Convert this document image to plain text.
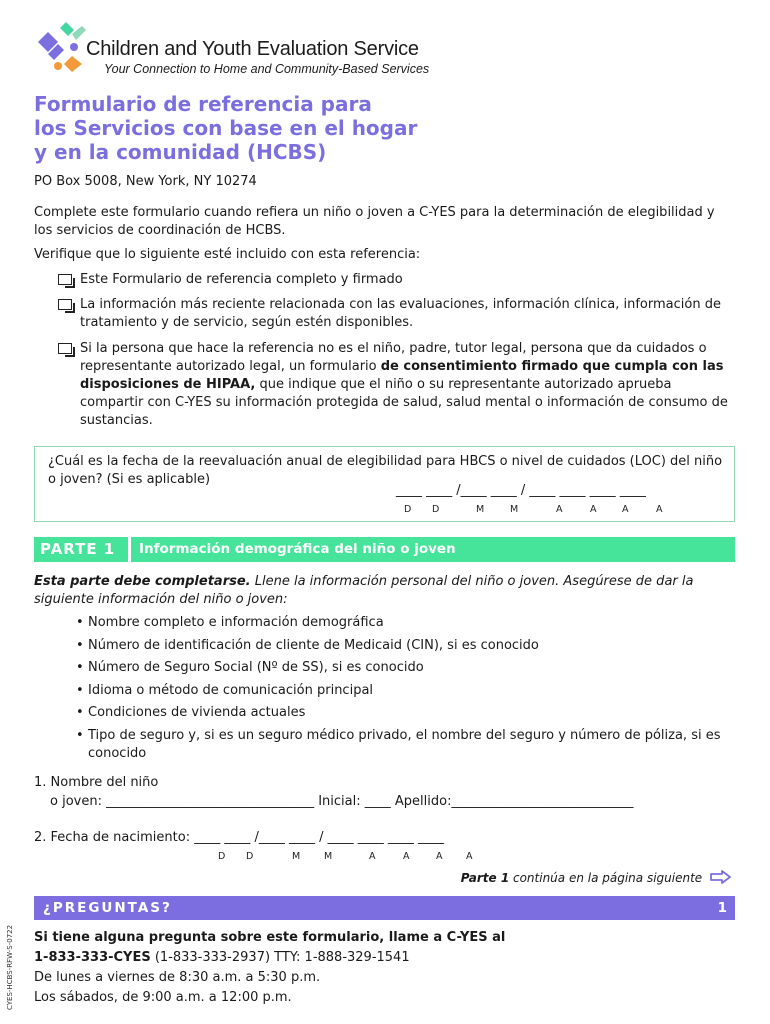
Children and Youth Evaluation Service
Your Connection to Home and Community-Based Services
Formulario de referencia para
los Servicios con base en el hogar
y en la comunidad (HCBS)
PO Box 5008, New York, NY 10274
Complete este formulario cuando refiera un niño o joven a C-YES para la determinación de elegibilidad y los servicios de coordinación de HCBS.
Verifique que lo siguiente esté incluido con esta referencia:
Este Formulario de referencia completo y firmado
La información más reciente relacionada con las evaluaciones, información clínica, información de tratamiento y de servicio, según estén disponibles.
Si la persona que hace la referencia no es el niño, padre, tutor legal, persona que da cuidados o representante autorizado legal, un formulario de consentimiento firmado que cumpla con las disposiciones de HIPAA, que indique que el niño o su representante autorizado aprueba compartir con C-YES su información protegida de salud, salud mental o información de consumo de sustancias.
¿Cuál es la fecha de la reevaluación anual de elegibilidad para HBCS o nivel de cuidados (LOC) del niño o joven? (Si es aplicable)
____ ____ /____ ____ / ____ ____ ____ ____
D D	M	M	A	A	A	A
PARTE 1	Información demográfica del niño o joven
Esta parte debe completarse. Llene la información personal del niño o joven. Asegúrese de dar la siguiente información del niño o joven:
• Nombre completo e información demográfica
• Número de identificación de cliente de Medicaid (CIN), si es conocido
• Número de Seguro Social (Nº de SS), si es conocido
• Idioma o método de comunicación principal
• Condiciones de vivienda actuales
• Tipo de seguro y, si es un seguro médico privado, el nombre del seguro y número de póliza, si es conocido
1. Nombre del niño
o joven: ________________________________ Inicial: ____ Apellido:____________________________
2. Fecha de nacimiento: ____ ____ /____ ____ / ____ ____ ____ ____
D D	M	M	A	A	A A
Parte 1 continúa en la página siguiente
¿PREGUNTAS?	1
Si tiene alguna pregunta sobre este formulario, llame a C-YES al
1-833-333-CYES (1-833-333-2937) TTY: 1-888-329-1541
De lunes a viernes de 8:30 a.m. a 5:30 p.m.
Los sábados, de 9:00 a.m. a 12:00 p.m.
CYES-HCBS-RFW-S-0722
